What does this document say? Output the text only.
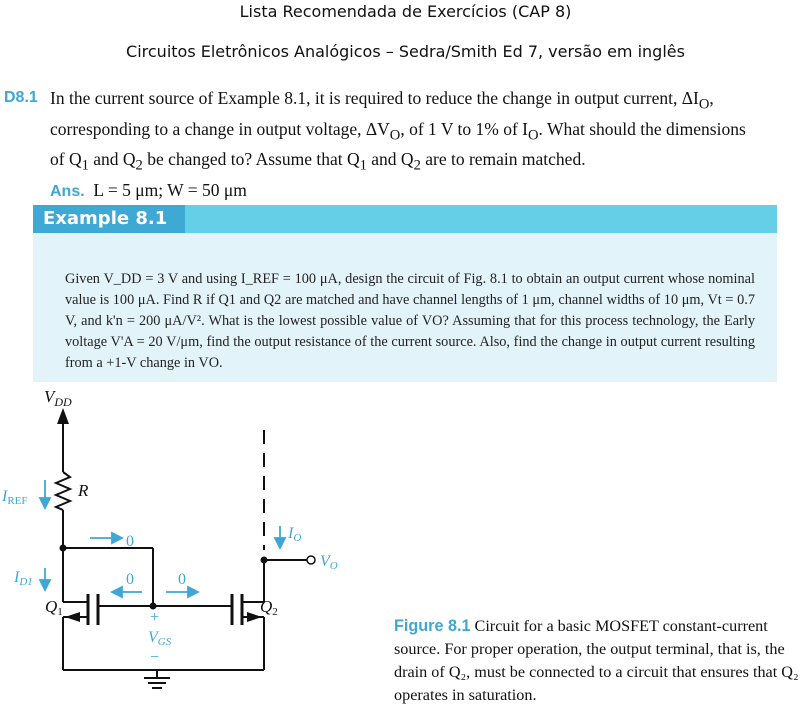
Lista Recomendada de Exercícios (CAP 8)
Circuitos Eletrônicos Analógicos – Sedra/Smith Ed 7, versão em inglês
D8.1 In the current source of Example 8.1, it is required to reduce the change in output current, $\Delta I_O$,
corresponding to a change in output voltage, $\Delta V_O$, of 1 V to 1% of $I_O$. What should the dimensions
of $Q_1$ and $Q_2$ be changed to? Assume that $Q_1$ and $Q_2$ are to remain matched.
Ans. L = 5 μm; W = 50 μm
Example 8.1
Given V_DD = 3 V and using I_REF = 100 μA, design the circuit of Fig. 8.1 to obtain an output current whose nominal value is 100 μA. Find R if Q1 and Q2 are matched and have channel lengths of 1 μm, channel widths of 10 μm, Vt = 0.7 V, and k'n = 200 μA/V². What is the lowest possible value of VO? Assuming that for this process technology, the Early voltage V'A = 20 V/μm, find the output resistance of the current source. Also, find the change in output current resulting from a +1-V change in VO.
$V_{DD}$
R
IREF
ID1
IO
VO
Q1	Q2
0
0	0
+
VGS
−
Figure 8.1 Circuit for a basic MOSFET constant-current source. For proper operation, the output terminal, that is, the drain of Q₂, must be connected to a circuit that ensures that Q₂ operates in saturation.
